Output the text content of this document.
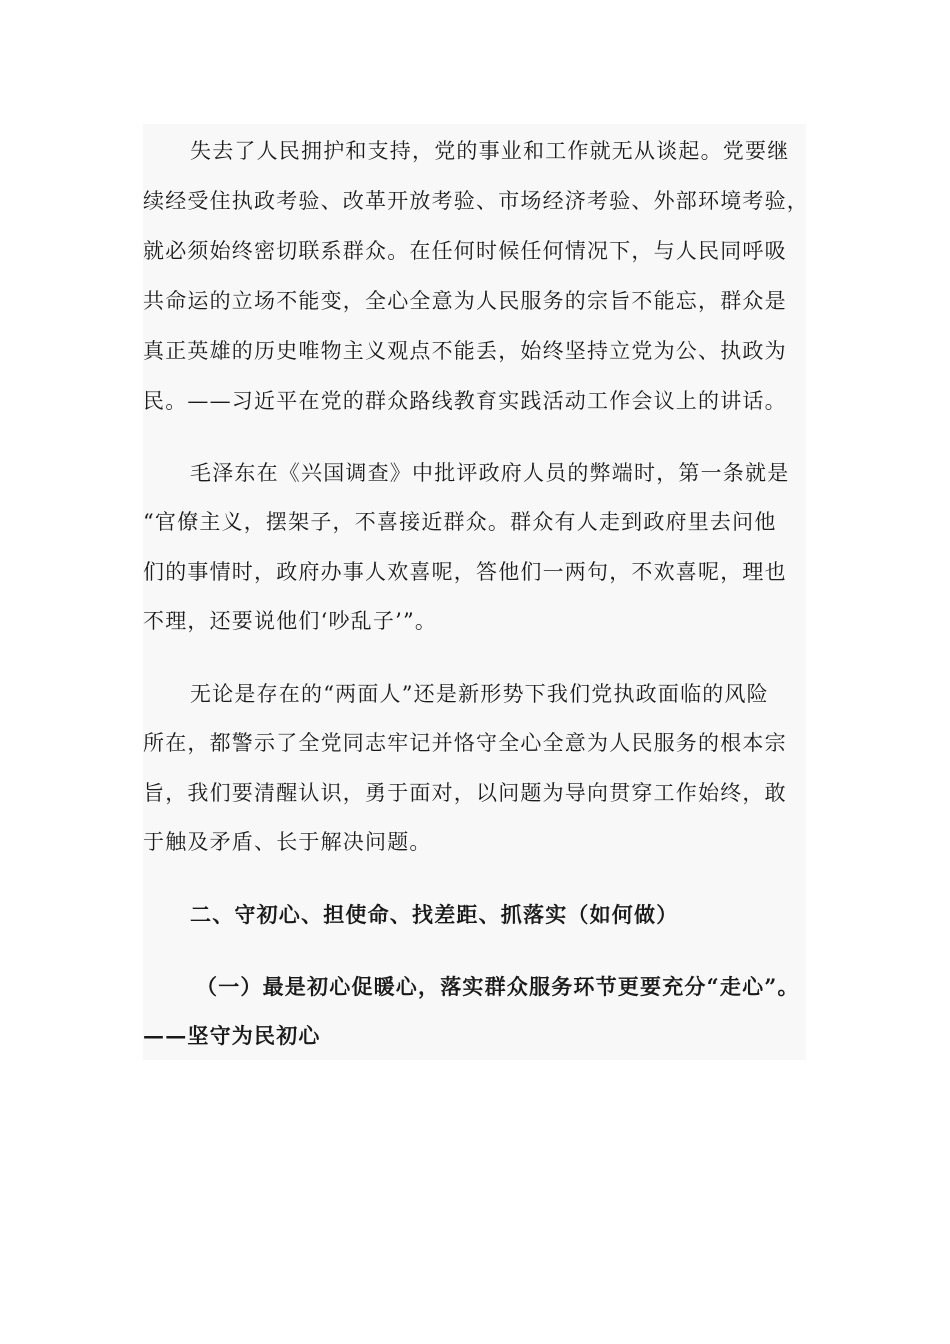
失去了人民拥护和支持，党的事业和工作就无从谈起。党要继
续经受住执政考验、改革开放考验、市场经济考验、外部环境考验，
就必须始终密切联系群众。在任何时候任何情况下，与人民同呼吸
共命运的立场不能变，全心全意为人民服务的宗旨不能忘，群众是
真正英雄的历史唯物主义观点不能丢，始终坚持立党为公、执政为
民。——习近平在党的群众路线教育实践活动工作会议上的讲话。
毛泽东在《兴国调查》中批评政府人员的弊端时，第一条就是
“官僚主义，摆架子，不喜接近群众。群众有人走到政府里去问他
们的事情时，政府办事人欢喜呢，答他们一两句，不欢喜呢，理也
不理，还要说他们‘吵乱子’”。
无论是存在的“两面人”还是新形势下我们党执政面临的风险
所在，都警示了全党同志牢记并恪守全心全意为人民服务的根本宗
旨，我们要清醒认识，勇于面对，以问题为导向贯穿工作始终，敢
于触及矛盾、长于解决问题。
二、守初心、担使命、找差距、抓落实（如何做）
（一）最是初心促暖心，落实群众服务环节更要充分“走心”。
——坚守为民初心
